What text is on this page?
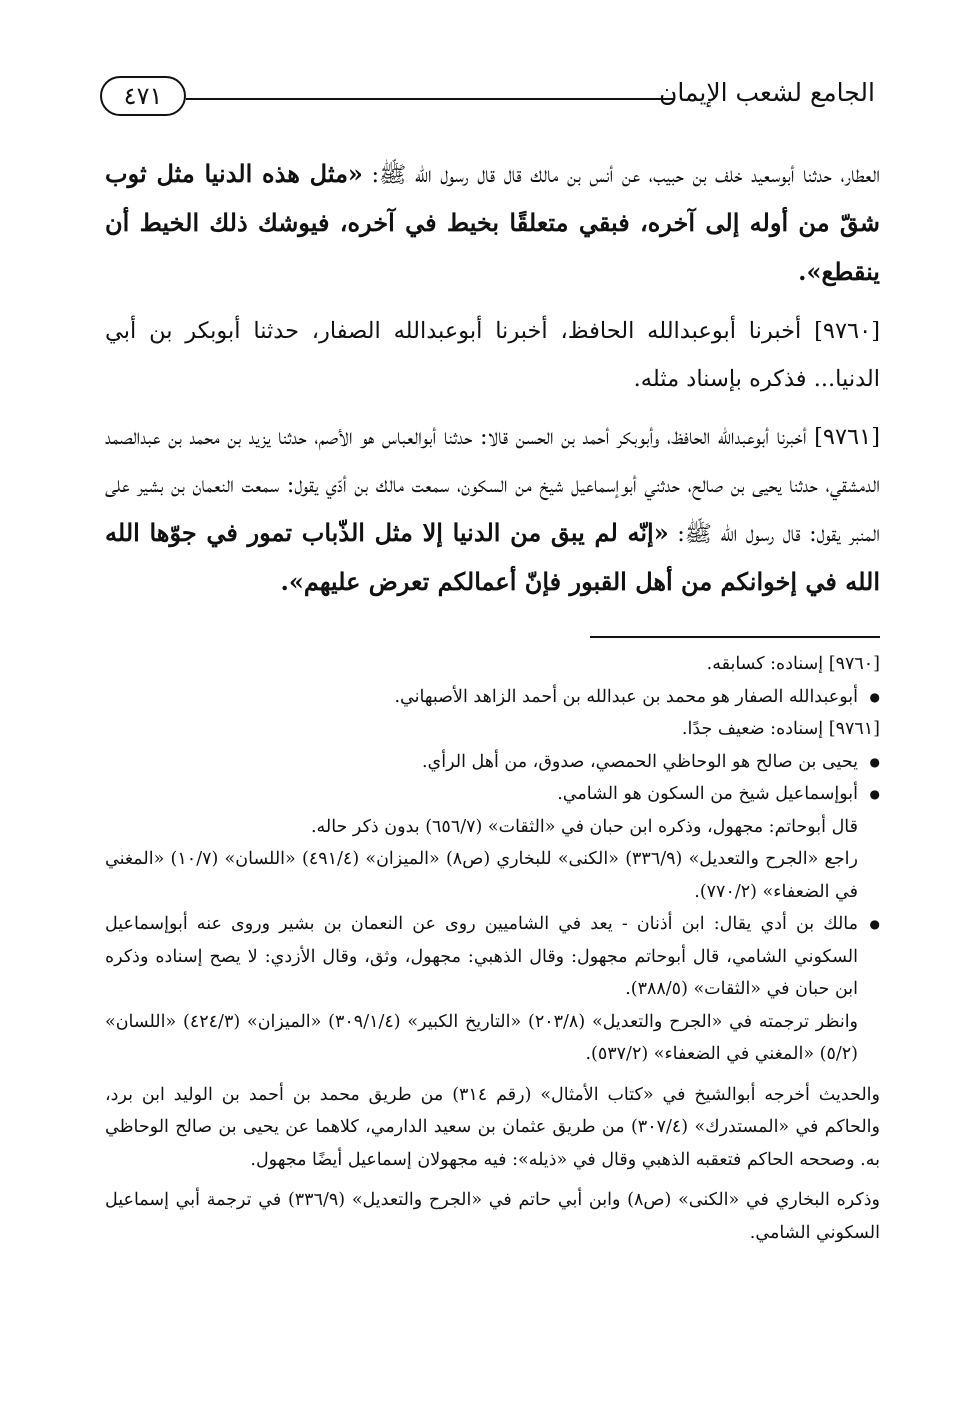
الجامع لشعب الإيمان
٤٧١

العطار، حدثنا أبوسعيد خلف بن حبيب، عن أنس بن مالك قال قال رسول الله ﷺ: «مثل هذه الدنيا مثل ثوب شقّ من أوله إلى آخره، فبقي متعلقًا بخيط في آخره، فيوشك ذلك الخيط أن ينقطع».

[٩٧٦٠] أخبرنا أبوعبدالله الحافظ، أخبرنا أبوعبدالله الصفار، حدثنا أبوبكر بن أبي الدنيا... فذكره بإسناد مثله.

[٩٧٦١] أخبرنا أبوعبدالله الحافظ، وأبوبكر أحمد بن الحسن قالا: حدثنا أبوالعباس هو الأصم، حدثنا يزيد بن محمد بن عبدالصمد الدمشقي، حدثنا يحيى بن صالح، حدثني أبوإسماعيل شيخ من السكون، سمعت مالك بن أدّي يقول: سمعت النعمان بن بشير على المنبر يقول: قال رسول الله ﷺ: «إنّه لم يبق من الدنيا إلا مثل الذّباب تمور في جوّها الله الله في إخوانكم من أهل القبور فإنّ أعمالكم تعرض عليهم».

[٩٧٦٠] إسناده: كسابقه.

● أبوعبدالله الصفار هو محمد بن عبدالله بن أحمد الزاهد الأصبهاني.

[٩٧٦١] إسناده: ضعيف جدًا.

● يحيى بن صالح هو الوحاظي الحمصي، صدوق، من أهل الرأي.

● أبوإسماعيل شيخ من السكون هو الشامي.

قال أبوحاتم: مجهول، وذكره ابن حبان في «الثقات» (٦٥٦/٧) بدون ذكر حاله.

راجع «الجرح والتعديل» (٣٣٦/٩) «الكنى» للبخاري (ص٨) «الميزان» (٤٩١/٤) «اللسان» (١٠/٧) «المغني في الضعفاء» (٧٧٠/٢).

● مالك بن أدي يقال: ابن أذنان - يعد في الشاميين روى عن النعمان بن بشير وروى عنه أبوإسماعيل السكوني الشامي، قال أبوحاتم مجهول: وقال الذهبي: مجهول، وثق، وقال الأزدي: لا يصح إسناده وذكره ابن حبان في «الثقات» (٣٨٨/٥).

وانظر ترجمته في «الجرح والتعديل» (٢٠٣/٨) «التاريخ الكبير» (٣٠٩/١/٤) «الميزان» (٤٢٤/٣) «اللسان» (٥/٢) «المغني في الضعفاء» (٥٣٧/٢).

والحديث أخرجه أبوالشيخ في «كتاب الأمثال» (رقم ٣١٤) من طريق محمد بن أحمد بن الوليد ابن برد، والحاكم في «المستدرك» (٣٠٧/٤) من طريق عثمان بن سعيد الدارمي، كلاهما عن يحيى بن صالح الوحاظي به. وصححه الحاكم فتعقبه الذهبي وقال في «ذيله»: فيه مجهولان إسماعيل أيضًا مجهول.

وذكره البخاري في «الكنى» (ص٨) وابن أبي حاتم في «الجرح والتعديل» (٣٣٦/٩) في ترجمة أبي إسماعيل السكوني الشامي.
